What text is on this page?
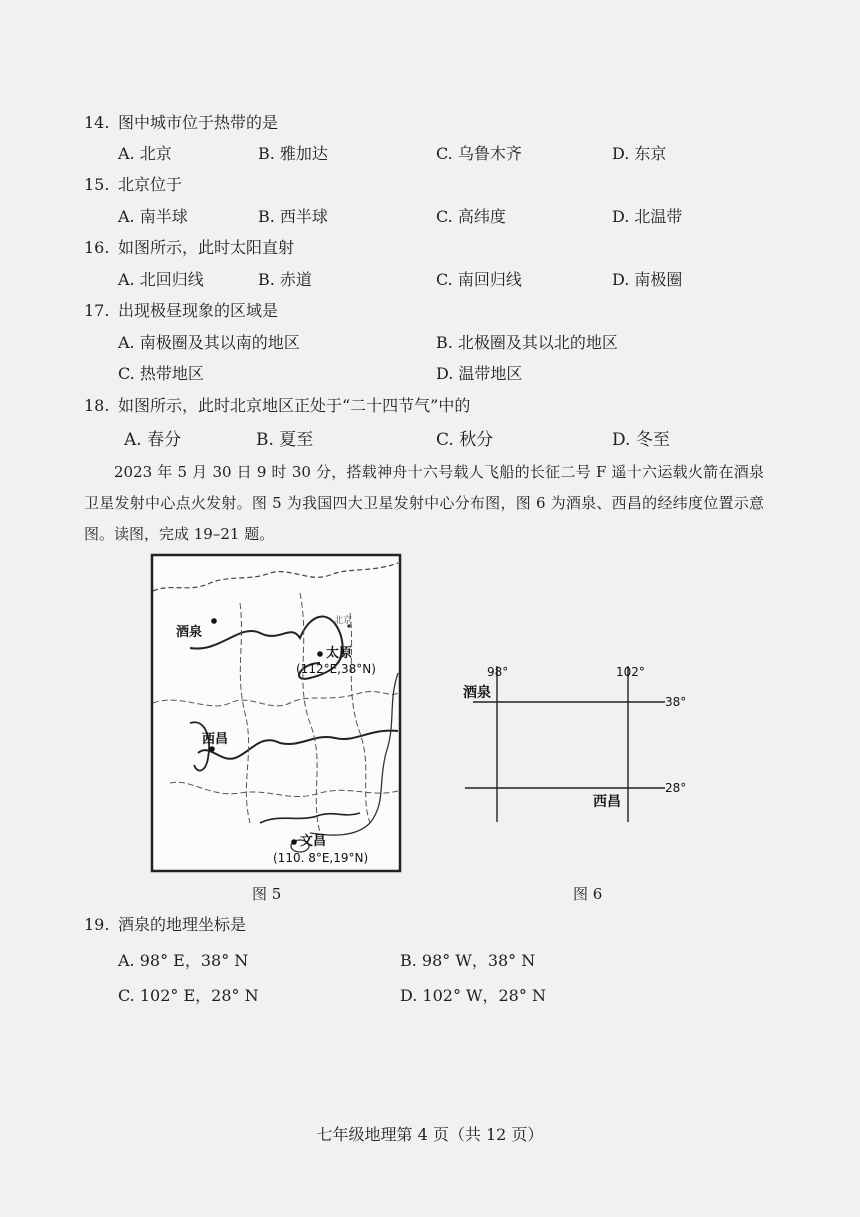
14. 图中城市位于热带的是
A. 北京	B. 雅加达	C. 乌鲁木齐	D. 东京
15. 北京位于
A. 南半球	B. 西半球	C. 高纬度	D. 北温带
16. 如图所示，此时太阳直射
A. 北回归线	B. 赤道	C. 南回归线	D. 南极圈
17. 出现极昼现象的区域是
A. 南极圈及其以南的地区	B. 北极圈及其以北的地区
C. 热带地区	D. 温带地区
18. 如图所示，此时北京地区正处于“二十四节气”中的
A. 春分	B. 夏至	C. 秋分	D. 冬至

2023 年 5 月 30 日 9 时 30 分，搭载神舟十六号载人飞船的长征二号 F 遥十六运载火箭在酒泉卫星发射中心点火发射。图 5 为我国四大卫星发射中心分布图，图 6 为酒泉、西昌的经纬度位置示意图。读图，完成 19–21 题。

酒泉
北京
太原
(112°E,38°N)
西昌
文昌
(110. 8°E,19°N)
图 5
98°	102°
38°
28°
酒泉
西昌
图 6
19. 酒泉的地理坐标是
A. 98° E，38° N	B. 98° W，38° N
C. 102° E，28° N	D. 102° W，28° N
七年级地理第 4 页（共 12 页）
